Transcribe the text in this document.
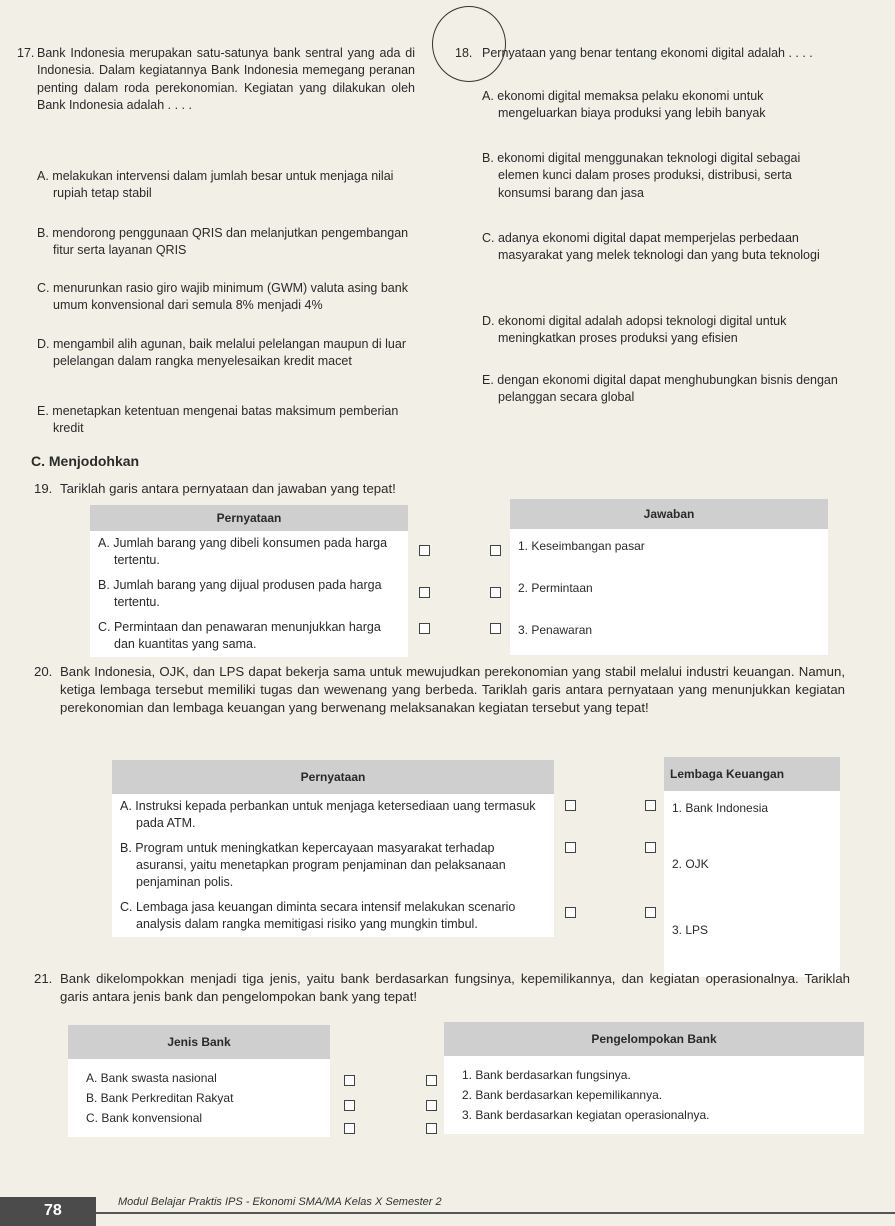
17. Bank Indonesia merupakan satu-satunya bank sentral yang ada di Indonesia. Dalam kegiatannya Bank Indonesia memegang peranan penting dalam roda perekonomian. Kegiatan yang dilakukan oleh Bank Indonesia adalah . . . .
A. melakukan intervensi dalam jumlah besar untuk menjaga nilai rupiah tetap stabil
B. mendorong penggunaan QRIS dan melanjutkan pengembangan fitur serta layanan QRIS
C. menurunkan rasio giro wajib minimum (GWM) valuta asing bank umum konvensional dari semula 8% menjadi 4%
D. mengambil alih agunan, baik melalui pelelangan maupun di luar pelelangan dalam rangka menyelesaikan kredit macet
E. menetapkan ketentuan mengenai batas maksimum pemberian kredit
18. Pernyataan yang benar tentang ekonomi digital adalah . . . .
A. ekonomi digital memaksa pelaku ekonomi untuk mengeluarkan biaya produksi yang lebih banyak
B. ekonomi digital menggunakan teknologi digital sebagai elemen kunci dalam proses produksi, distribusi, serta konsumsi barang dan jasa
C. adanya ekonomi digital dapat memperjelas perbedaan masyarakat yang melek teknologi dan yang buta teknologi
D. ekonomi digital adalah adopsi teknologi digital untuk meningkatkan proses produksi yang efisien
E. dengan ekonomi digital dapat menghubungkan bisnis dengan pelanggan secara global
C. Menjodohkan
19. Tariklah garis antara pernyataan dan jawaban yang tepat!
Pernyataan
A. Jumlah barang yang dibeli konsumen pada harga tertentu.
B. Jumlah barang yang dijual produsen pada harga tertentu.
C. Permintaan dan penawaran menunjukkan harga dan kuantitas yang sama.
Jawaban
1. Keseimbangan pasar
2. Permintaan
3. Penawaran
20. Bank Indonesia, OJK, dan LPS dapat bekerja sama untuk mewujudkan perekonomian yang stabil melalui industri keuangan. Namun, ketiga lembaga tersebut memiliki tugas dan wewenang yang berbeda. Tariklah garis antara pernyataan yang menunjukkan kegiatan perekonomian dan lembaga keuangan yang berwenang melaksanakan kegiatan tersebut yang tepat!
Pernyataan
A. Instruksi kepada perbankan untuk menjaga ketersediaan uang termasuk pada ATM.
B. Program untuk meningkatkan kepercayaan masyarakat terhadap asuransi, yaitu menetapkan program penjaminan dan pelaksanaan penjaminan polis.
C. Lembaga jasa keuangan diminta secara intensif melakukan scenario analysis dalam rangka memitigasi risiko yang mungkin timbul.
Lembaga Keuangan
1. Bank Indonesia
2. OJK
3. LPS
21. Bank dikelompokkan menjadi tiga jenis, yaitu bank berdasarkan fungsinya, kepemilikannya, dan kegiatan operasionalnya. Tariklah garis antara jenis bank dan pengelompokan bank yang tepat!
Jenis Bank
A. Bank swasta nasional
B. Bank Perkreditan Rakyat
C. Bank konvensional
Pengelompokan Bank
1. Bank berdasarkan fungsinya.
2. Bank berdasarkan kepemilikannya.
3. Bank berdasarkan kegiatan operasionalnya.
78	Modul Belajar Praktis IPS - Ekonomi SMA/MA Kelas X Semester 2
